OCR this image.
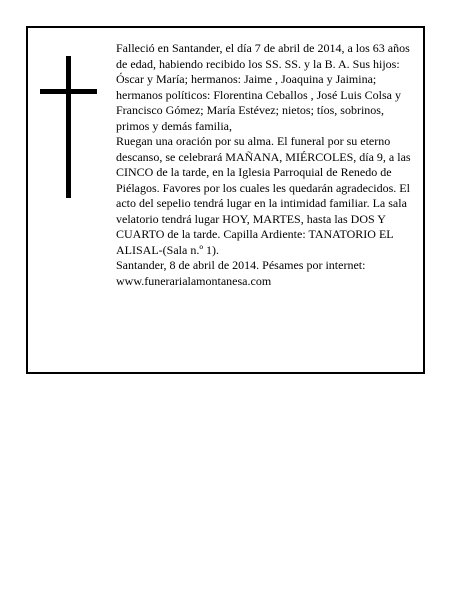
Falleció en Santander, el día 7 de abril de 2014, a los 63 años de edad, habiendo recibido los SS. SS. y la B. A. Sus hijos: Óscar y María; hermanos: Jaime , Joaquina y Jaimina; hermanos políticos: Florentina Ceballos , José Luis Colsa y Francisco Gómez; María Estévez; nietos; tíos, sobrinos, primos y demás familia,

Ruegan una oración por su alma. El funeral por su eterno descanso, se celebrará MAÑANA, MIÉRCOLES, día 9, a las CINCO de la tarde, en la Iglesia Parroquial de Renedo de Piélagos. Favores por los cuales les quedarán agradecidos. El acto del sepelio tendrá lugar en la intimidad familiar. La sala velatorio tendrá lugar HOY, MARTES, hasta las DOS Y CUARTO de la tarde. Capilla Ardiente: TANATORIO EL ALISAL-(Sala n.º 1).

Santander, 8 de abril de 2014. Pésames por internet: www.funerarialamontanesa.com
